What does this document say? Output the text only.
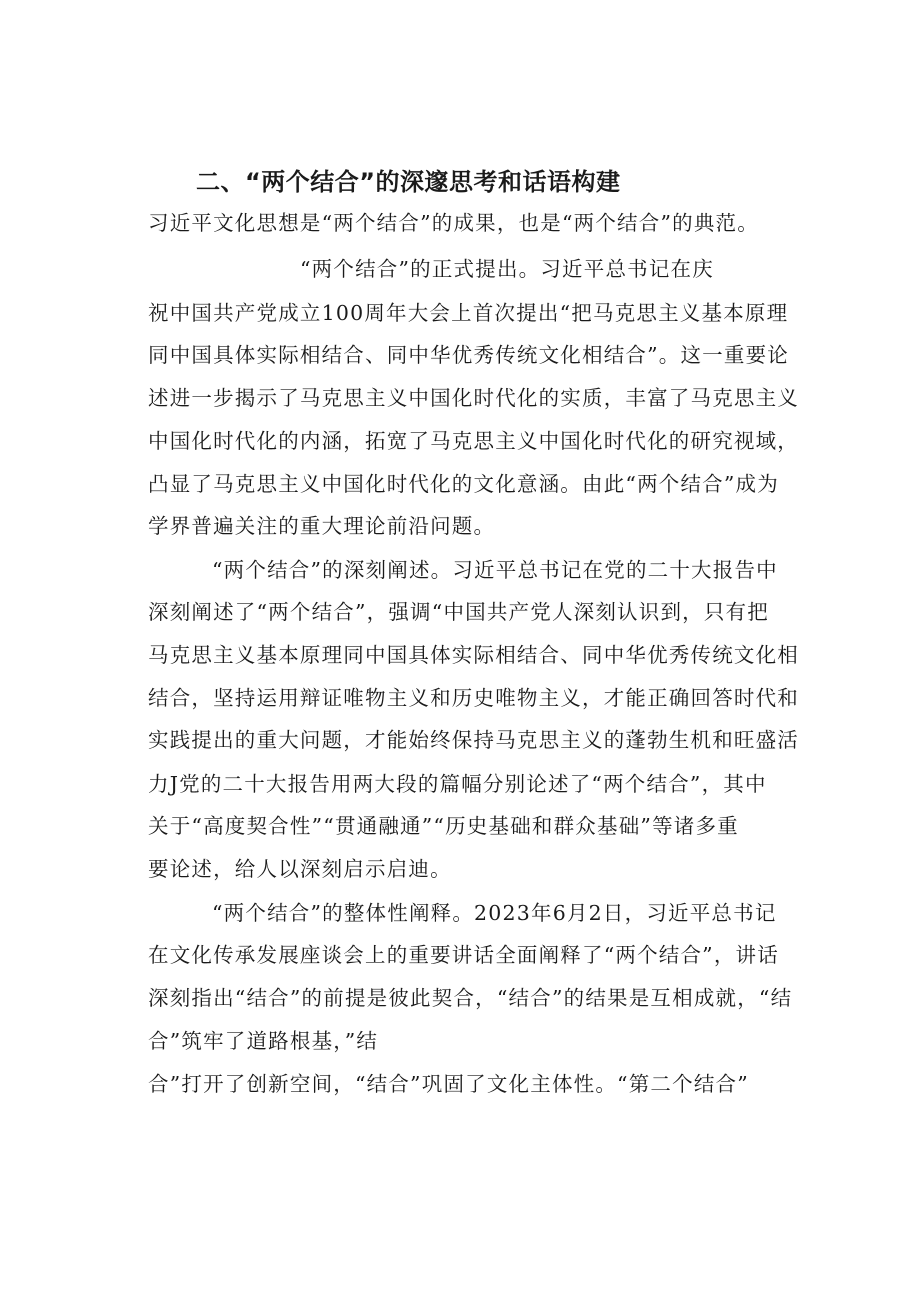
二、“两个结合”的深邃思考和话语构建
习近平文化思想是“两个结合”的成果，也是“两个结合”的典范。
“两个结合”的正式提出。习近平总书记在庆
祝中国共产党成立100周年大会上首次提出“把马克思主义基本原理
同中国具体实际相结合、同中华优秀传统文化相结合”。这一重要论
述进一步揭示了马克思主义中国化时代化的实质，丰富了马克思主义
中国化时代化的内涵，拓宽了马克思主义中国化时代化的研究视域，
凸显了马克思主义中国化时代化的文化意涵。由此“两个结合”成为
学界普遍关注的重大理论前沿问题。
“两个结合”的深刻阐述。习近平总书记在党的二十大报告中
深刻阐述了“两个结合”，强调“中国共产党人深刻认识到，只有把
马克思主义基本原理同中国具体实际相结合、同中华优秀传统文化相
结合，坚持运用辩证唯物主义和历史唯物主义，才能正确回答时代和
实践提出的重大问题，才能始终保持马克思主义的蓬勃生机和旺盛活
力J党的二十大报告用两大段的篇幅分别论述了“两个结合”，其中
关于“高度契合性”“贯通融通”“历史基础和群众基础”等诸多重
要论述，给人以深刻启示启迪。
“两个结合”的整体性阐释。2023年6月2日，习近平总书记
在文化传承发展座谈会上的重要讲话全面阐释了“两个结合”，讲话
深刻指出“结合”的前提是彼此契合，“结合”的结果是互相成就，“结
合”筑牢了道路根基，”结
合”打开了创新空间，“结合”巩固了文化主体性。“第二个结合”
